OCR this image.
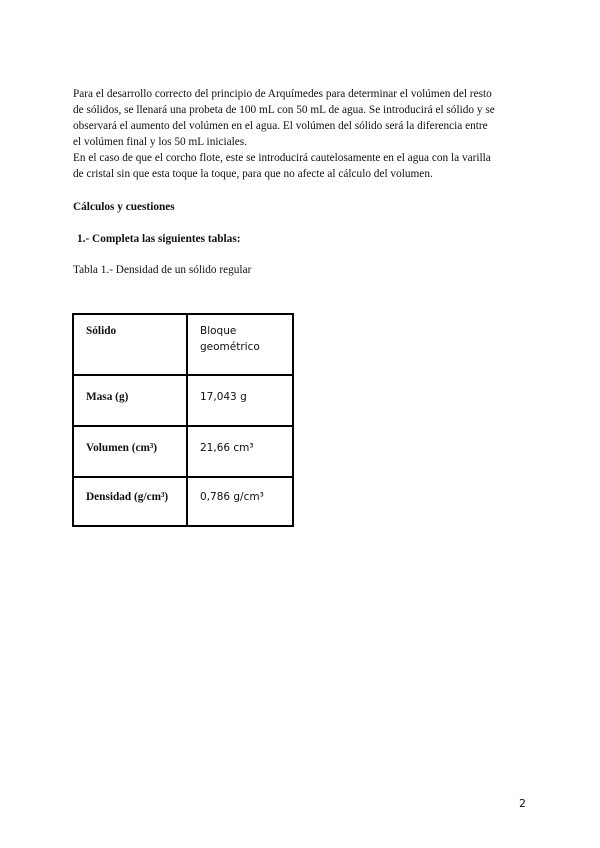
Para el desarrollo correcto del principio de Arquímedes para determinar el volúmen del resto
de sólidos, se llenará una probeta de 100 mL con 50 mL de agua. Se introducirá el sólido y se
observará el aumento del volúmen en el agua. El volúmen del sólido será la diferencia entre
el volúmen final y los 50 mL iniciales.
En el caso de que el corcho flote, este se introducirá cautelosamente en el agua con la varilla
de cristal sin que esta toque la toque, para que no afecte al cálculo del volumen.

Cálculos y cuestiones

1.- Completa las siguientes tablas:

Tabla 1.- Densidad de un sólido regular

Sólido	Bloque geométrico
Masa (g)	17,043 g
Volumen (cm³)	21,66 cm³
Densidad (g/cm³)	0,786 g/cm³
2
